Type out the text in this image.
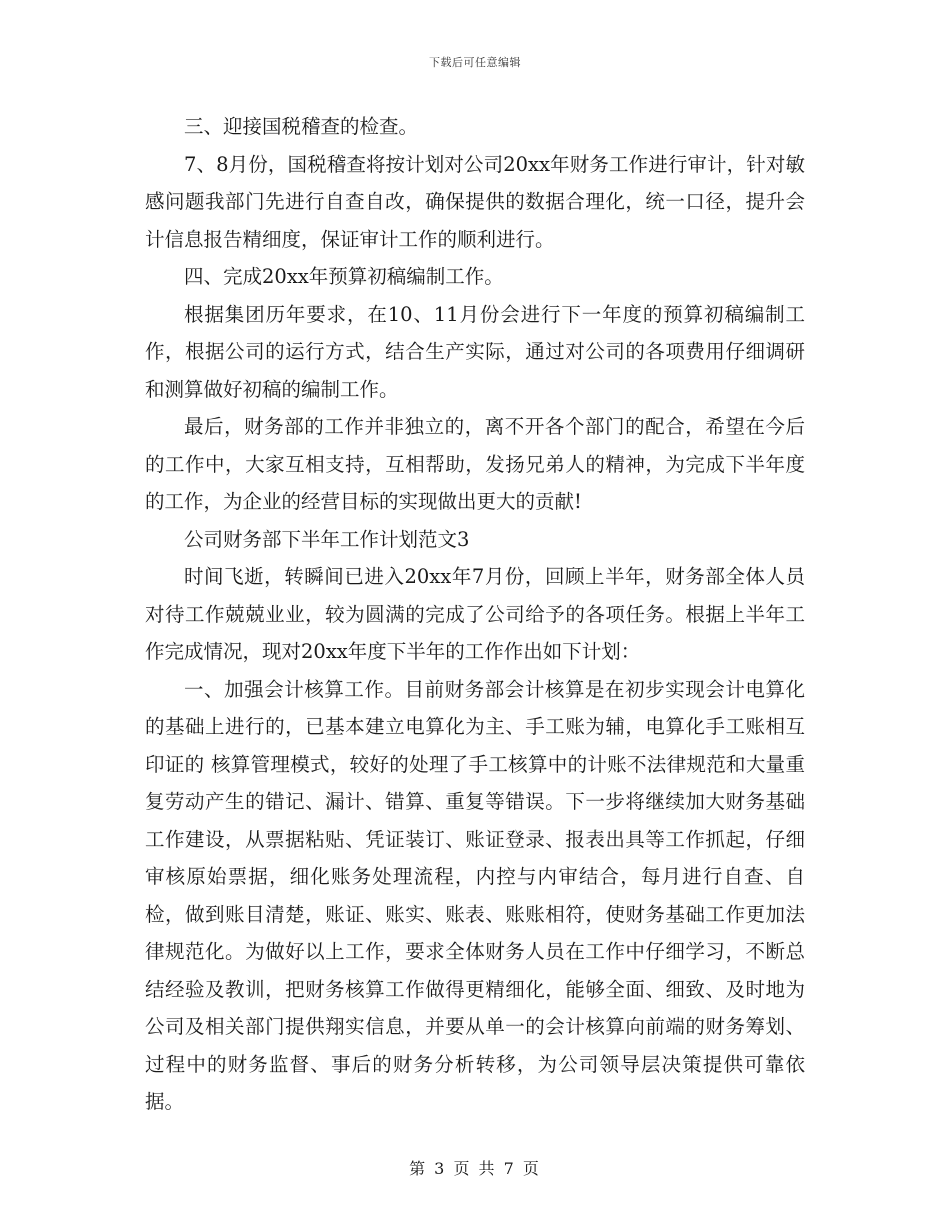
下载后可任意编辑

三、迎接国税稽查的检查。

7、8月份，国税稽查将按计划对公司20xx年财务工作进行审计，针对敏感问题我部门先进行自查自改，确保提供的数据合理化，统一口径，提升会计信息报告精细度，保证审计工作的顺利进行。

四、完成20xx年预算初稿编制工作。

根据集团历年要求，在10、11月份会进行下一年度的预算初稿编制工作，根据公司的运行方式，结合生产实际，通过对公司的各项费用仔细调研和测算做好初稿的编制工作。

最后，财务部的工作并非独立的，离不开各个部门的配合，希望在今后的工作中，大家互相支持，互相帮助，发扬兄弟人的精神，为完成下半年度的工作，为企业的经营目标的实现做出更大的贡献!

公司财务部下半年工作计划范文3

时间飞逝，转瞬间已进入20xx年7月份，回顾上半年，财务部全体人员对待工作兢兢业业，较为圆满的完成了公司给予的各项任务。根据上半年工作完成情况，现对20xx年度下半年的工作作出如下计划：

一、加强会计核算工作。目前财务部会计核算是在初步实现会计电算化的基础上进行的，已基本建立电算化为主、手工账为辅，电算化手工账相互印证的 核算管理模式，较好的处理了手工核算中的计账不法律规范和大量重复劳动产生的错记、漏计、错算、重复等错误。下一步将继续加大财务基础工作建设，从票据粘贴、凭证装订、账证登录、报表出具等工作抓起，仔细审核原始票据，细化账务处理流程，内控与内审结合，每月进行自查、自检，做到账目清楚，账证、账实、账表、账账相符，使财务基础工作更加法律规范化。为做好以上工作，要求全体财务人员在工作中仔细学习，不断总结经验及教训，把财务核算工作做得更精细化，能够全面、细致、及时地为公司及相关部门提供翔实信息，并要从单一的会计核算向前端的财务筹划、过程中的财务监督、事后的财务分析转移，为公司领导层决策提供可靠依据。

第 3 页 共 7 页
